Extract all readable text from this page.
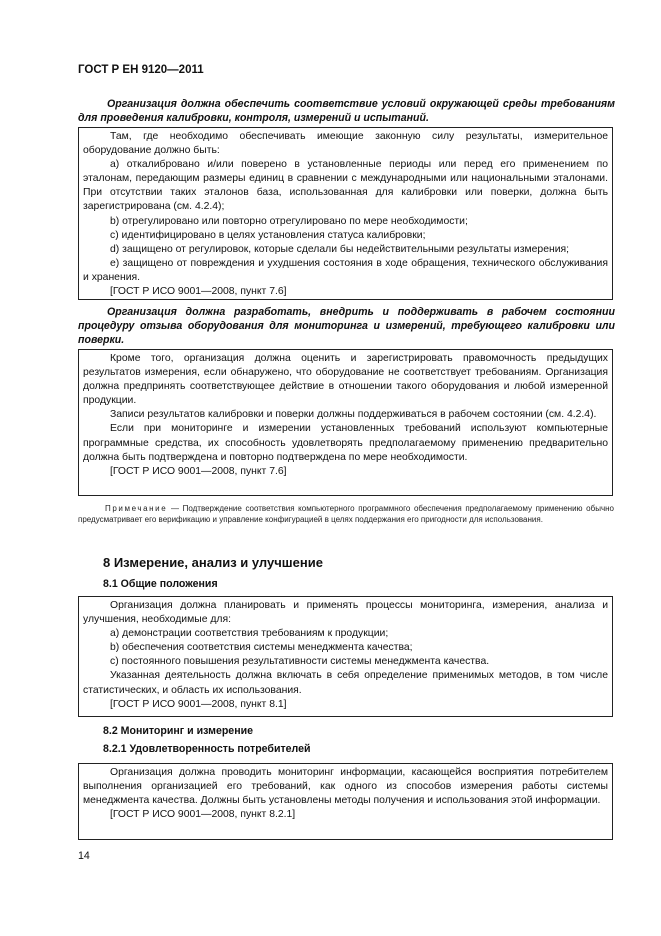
ГОСТ Р ЕН 9120—2011
Организация должна обеспечить соответствие условий окружающей среды требованиям для проведения калибровки, контроля, измерений и испытаний.

Там, где необходимо обеспечивать имеющие законную силу результаты, измерительное оборудование должно быть:

a) откалибровано и/или поверено в установленные периоды или перед его применением по эталонам, передающим размеры единиц в сравнении с международными или национальными эталонами. При отсутствии таких эталонов база, использованная для калибровки или поверки, должна быть зарегистрирована (см. 4.2.4);

b) отрегулировано или повторно отрегулировано по мере необходимости;

c) идентифицировано в целях установления статуса калибровки;

d) защищено от регулировок, которые сделали бы недействительными результаты измерения;

e) защищено от повреждения и ухудшения состояния в ходе обращения, технического обслуживания и хранения.

[ГОСТ Р ИСО 9001—2008, пункт 7.6]

Организация должна разработать, внедрить и поддерживать в рабочем состоянии процедуру отзыва оборудования для мониторинга и измерений, требующего калибровки или поверки.

Кроме того, организация должна оценить и зарегистрировать правомочность предыдущих результатов измерения, если обнаружено, что оборудование не соответствует требованиям. Организация должна предпринять соответствующее действие в отношении такого оборудования и любой измеренной продукции.

Записи результатов калибровки и поверки должны поддерживаться в рабочем состоянии (см. 4.2.4).

Если при мониторинге и измерении установленных требований используют компьютерные программные средства, их способность удовлетворять предполагаемому применению предварительно должна быть подтверждена и повторно подтверждена по мере необходимости.

[ГОСТ Р ИСО 9001—2008, пункт 7.6]

Примечание — Подтверждение соответствия компьютерного программного обеспечения предполагаемому применению обычно предусматривает его верификацию и управление конфигурацией в целях поддержания его пригодности для использования.
8 Измерение, анализ и улучшение
8.1 Общие положения

Организация должна планировать и применять процессы мониторинга, измерения, анализа и улучшения, необходимые для:

a) демонстрации соответствия требованиям к продукции;

b) обеспечения соответствия системы менеджмента качества;

c) постоянного повышения результативности системы менеджмента качества.

Указанная деятельность должна включать в себя определение применимых методов, в том числе статистических, и область их использования.

[ГОСТ Р ИСО 9001—2008, пункт 8.1]

8.2 Мониторинг и измерение
8.2.1 Удовлетворенность потребителей

Организация должна проводить мониторинг информации, касающейся восприятия потребителем выполнения организацией его требований, как одного из способов измерения работы системы менеджмента качества. Должны быть установлены методы получения и использования этой информации.

[ГОСТ Р ИСО 9001—2008, пункт 8.2.1]

14
